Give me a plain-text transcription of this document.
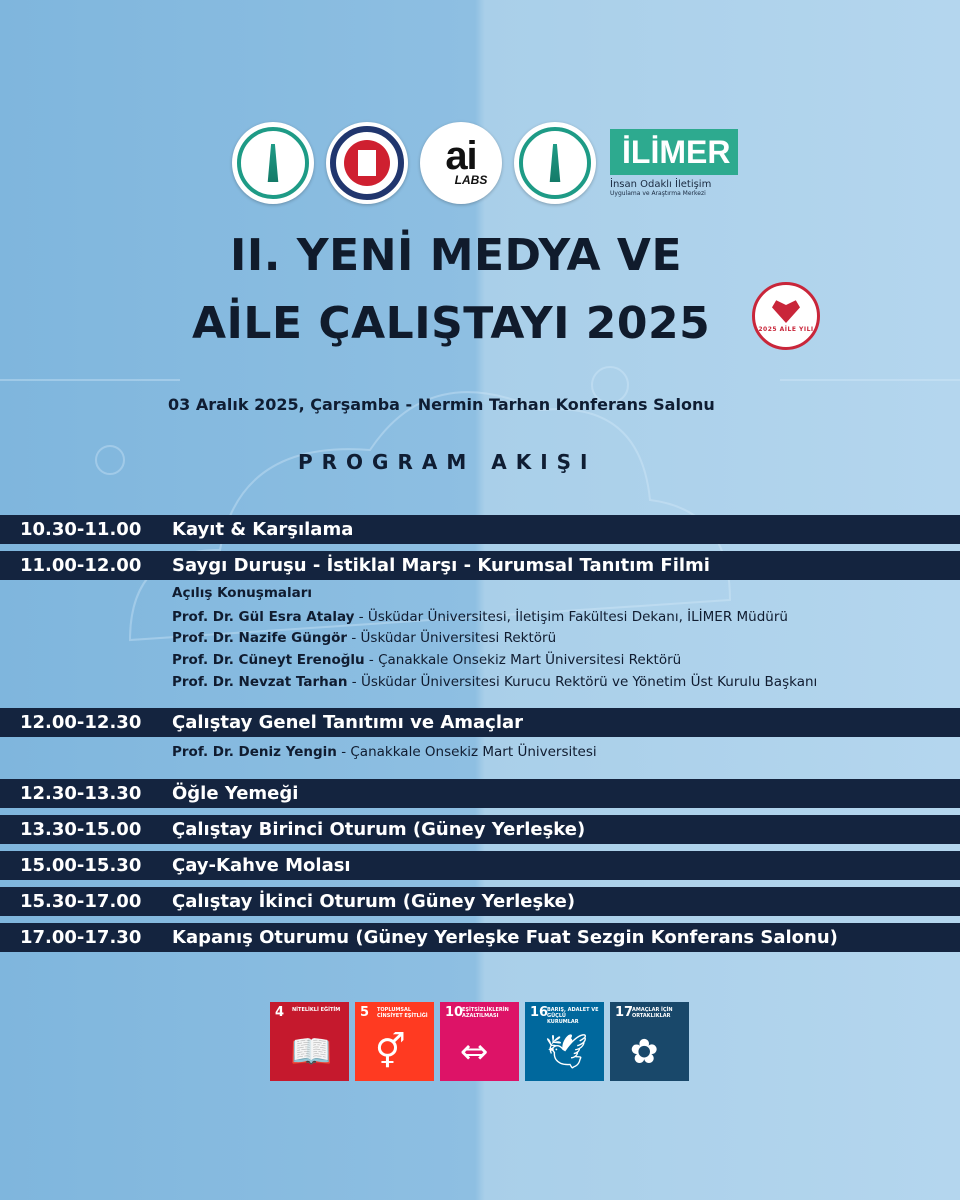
ai
LABS
İLİMER
İnsan Odaklı İletişim
Uygulama ve Araştırma Merkezi
II. YENİ MEDYA VE
AİLE ÇALIŞTAYI 2025	2025 AİLE YILI
03 Aralık 2025, Çarşamba - Nermin Tarhan Konferans Salonu
PROGRAM AKIŞI
10.30-11.00 Kayıt & Karşılama
11.00-12.00 Saygı Duruşu - İstiklal Marşı - Kurumsal Tanıtım Filmi
Açılış Konuşmaları
Prof. Dr. Gül Esra Atalay - Üsküdar Üniversitesi, İletişim Fakültesi Dekanı, İLİMER Müdürü
Prof. Dr. Nazife Güngör - Üsküdar Üniversitesi Rektörü
Prof. Dr. Cüneyt Erenoğlu - Çanakkale Onsekiz Mart Üniversitesi Rektörü
Prof. Dr. Nevzat Tarhan - Üsküdar Üniversitesi Kurucu Rektörü ve Yönetim Üst Kurulu Başkanı
12.00-12.30 Çalıştay Genel Tanıtımı ve Amaçlar
Prof. Dr. Deniz Yengin - Çanakkale Onsekiz Mart Üniversitesi
12.30-13.30 Öğle Yemeği
13.30-15.00 Çalıştay Birinci Oturum (Güney Yerleşke)
15.00-15.30 Çay-Kahve Molası
15.30-17.00 Çalıştay İkinci Oturum (Güney Yerleşke)
17.00-17.30 Kapanış Oturumu (Güney Yerleşke Fuat Sezgin Konferans Salonu)
4 NİTELİKLİ EĞİTİM
📖
5 TOPLUMSAL CİNSİYET EŞİTLİĞİ
⚥
10
EŞİTSİZLİKLERİN AZALTILMASI
⇔
16
BARIŞ, ADALET VE GÜÇLÜ KURUMLAR
🕊
17
AMAÇLAR İÇİN ORTAKLIKLAR
✿
